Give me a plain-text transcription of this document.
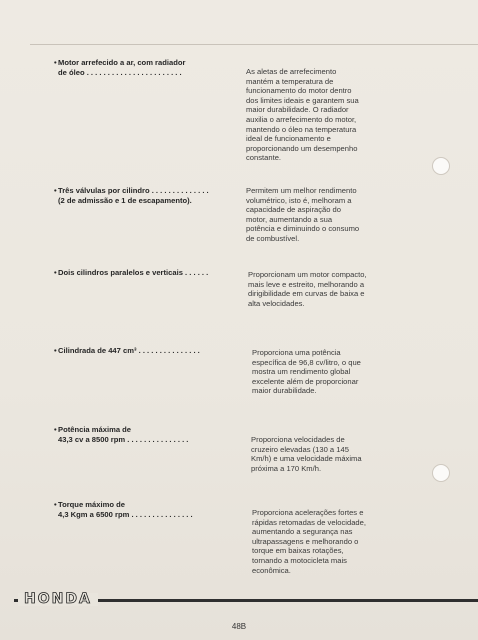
• Motor arrefecido a ar, com radiador
de óleo . . . . . . . . . . . . . . . . . . . . . . .	As aletas de arrefecimento
mantém a temperatura de
funcionamento do motor dentro
dos limites ideais e garantem sua
maior durabilidade. O radiador
auxilia o arrefecimento do motor,
mantendo o óleo na temperatura
ideal de funcionamento e
proporcionando um desempenho
constante.
• Três válvulas por cilindro . . . . . . . . . . . . . .
(2 de admissão e 1 de escapamento).
Permitem um melhor rendimento
volumétrico, isto é, melhoram a
capacidade de aspiração do
motor, aumentando a sua
potência e diminuindo o consumo
de combustível.
• Dois cilindros paralelos e verticais . . . . . .	Proporcionam um motor compacto,
mais leve e estreito, melhorando a
dirigibilidade em curvas de baixa e
alta velocidades.
• Cilindrada de 447 cm³ . . . . . . . . . . . . . . .	Proporciona uma potência
específica de 96,8 cv/litro, o que
mostra um rendimento global
excelente além de proporcionar
maior durabilidade.
• Potência máxima de
43,3 cv a 8500 rpm . . . . . . . . . . . . . . .	Proporciona velocidades de
cruzeiro elevadas (130 a 145
Km/h) e uma velocidade máxima
próxima a 170 Km/h.
• Torque máximo de
4,3 Kgm a 6500 rpm . . . . . . . . . . . . . . .	Proporciona acelerações fortes e
rápidas retomadas de velocidade,
aumentando a segurança nas
ultrapassagens e melhorando o
torque em baixas rotações,
tornando a motocicleta mais
econômica.
HONDA
48B
